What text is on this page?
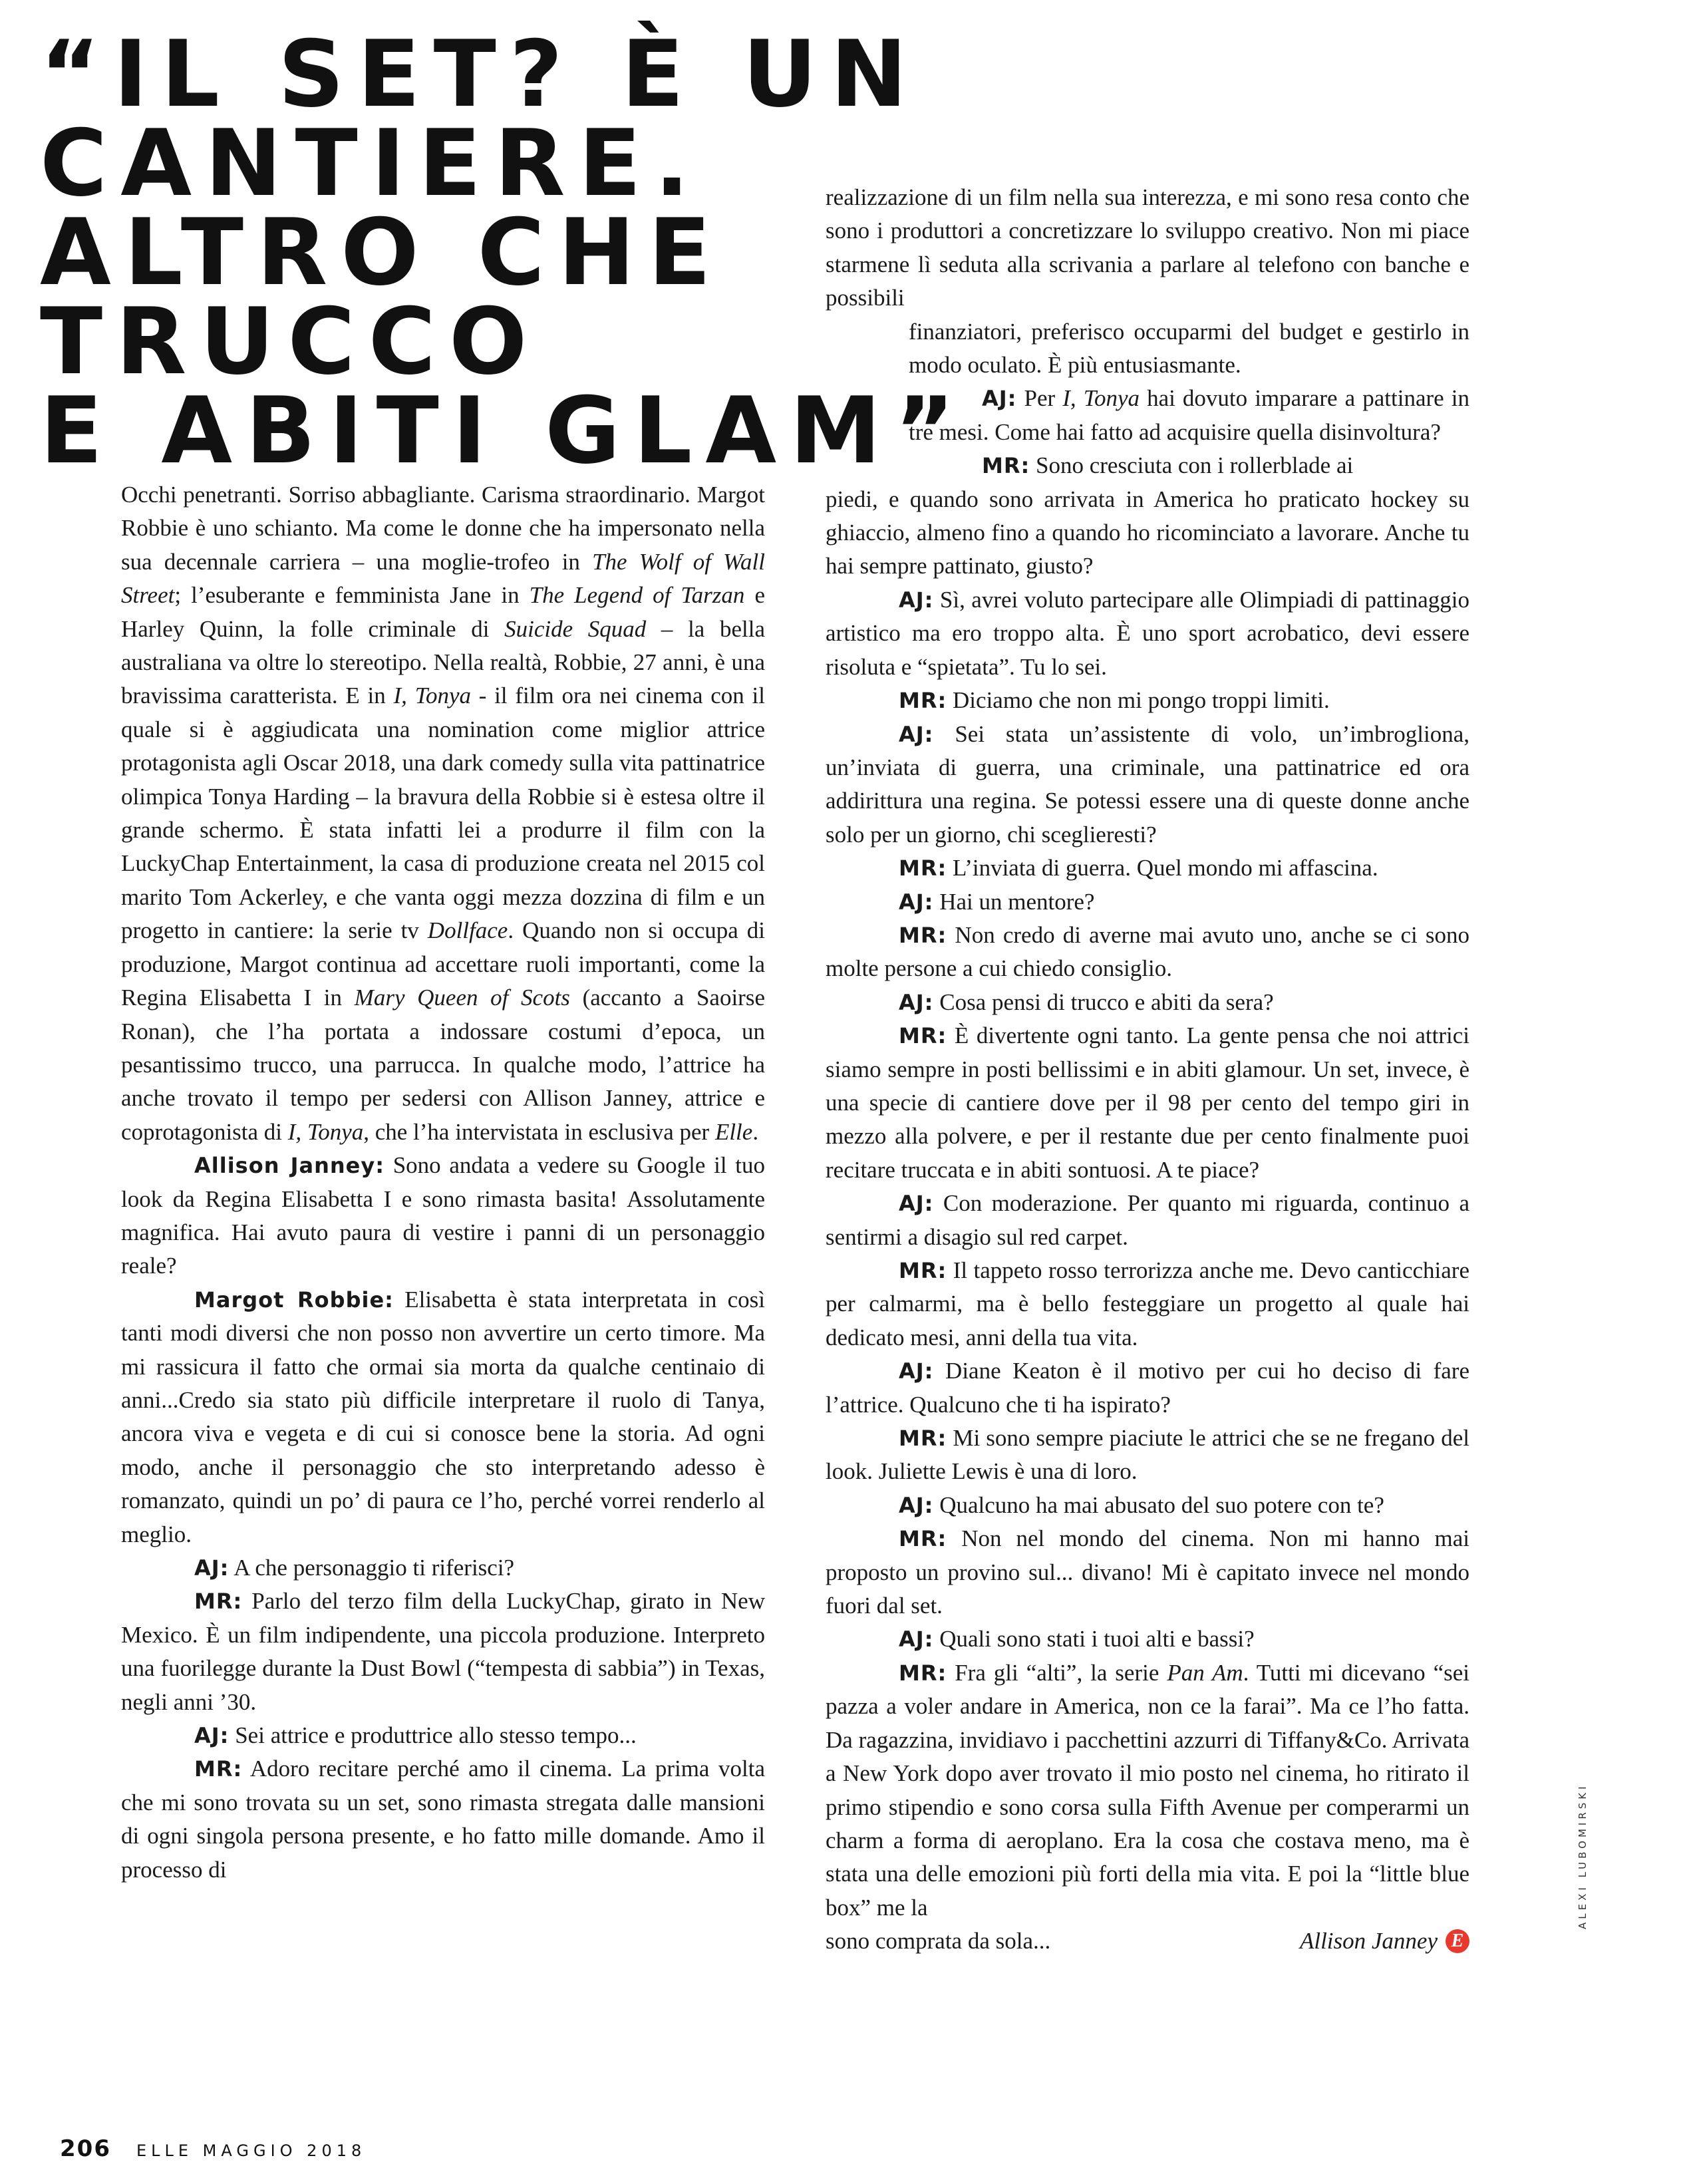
“IL SET? È UN
CANTIERE.
ALTRO CHE
TRUCCO
E ABITI GLAM”

Occhi penetranti. Sorriso abbagliante. Carisma straordinario. Margot Robbie è uno schianto. Ma come le donne che ha impersonato nella sua decennale carriera – una moglie-trofeo in The Wolf of Wall Street; l’esuberante e femminista Jane in The Legend of Tarzan e Harley Quinn, la folle criminale di Suicide Squad – la bella australiana va oltre lo stereotipo. Nella realtà, Robbie, 27 anni, è una bravissima caratterista. E in I, Tonya - il film ora nei cinema con il quale si è aggiudicata una nomination come miglior attrice protagonista agli Oscar 2018, una dark comedy sulla vita pattinatrice olimpica Tonya Harding – la bravura della Robbie si è estesa oltre il grande schermo. È stata infatti lei a produrre il film con la LuckyChap Entertainment, la casa di produzione creata nel 2015 col marito Tom Ackerley, e che vanta oggi mezza dozzina di film e un progetto in cantiere: la serie tv Dollface. Quando non si occupa di produzione, Margot continua ad accettare ruoli importanti, come la Regina Elisabetta I in Mary Queen of Scots (accanto a Saoirse Ronan), che l’ha portata a indossare costumi d’epoca, un pesantissimo trucco, una parrucca. In qualche modo, l’attrice ha anche trovato il tempo per sedersi con Allison Janney, attrice e coprotagonista di I, Tonya, che l’ha intervistata in esclusiva per Elle.

Allison Janney: Sono andata a vedere su Google il tuo look da Regina Elisabetta I e sono rimasta basita! Assolutamente magnifica. Hai avuto paura di vestire i panni di un personaggio reale?

Margot Robbie: Elisabetta è stata interpretata in così tanti modi diversi che non posso non avvertire un certo timore. Ma mi rassicura il fatto che ormai sia morta da qualche centinaio di anni...Credo sia stato più difficile interpretare il ruolo di Tanya, ancora viva e vegeta e di cui si conosce bene la storia. Ad ogni modo, anche il personaggio che sto interpretando adesso è romanzato, quindi un po’ di paura ce l’ho, perché vorrei renderlo al meglio.

AJ: A che personaggio ti riferisci?

MR: Parlo del terzo film della LuckyChap, girato in New Mexico. È un film indipendente, una piccola produzione. Interpreto una fuorilegge durante la Dust Bowl (“tempesta di sabbia”) in Texas, negli anni ’30.

AJ: Sei attrice e produttrice allo stesso tempo...

MR: Adoro recitare perché amo il cinema. La prima volta che mi sono trovata su un set, sono rimasta stregata dalle mansioni di ogni singola persona presente, e ho fatto mille domande. Amo il processo di

realizzazione di un film nella sua interezza, e mi sono resa conto che sono i produttori a concretizzare lo sviluppo creativo. Non mi piace starmene lì seduta alla scrivania a parlare al telefono con banche e possibili

finanziatori, preferisco occuparmi del budget e gestirlo in modo oculato. È più entusiasmante.

AJ: Per I, Tonya hai dovuto imparare a pattinare in tre mesi. Come hai fatto ad acquisire quella disinvoltura?

MR: Sono cresciuta con i rollerblade ai

piedi, e quando sono arrivata in America ho praticato hockey su ghiaccio, almeno fino a quando ho ricominciato a lavorare. Anche tu hai sempre pattinato, giusto?

AJ: Sì, avrei voluto partecipare alle Olimpiadi di pattinaggio artistico ma ero troppo alta. È uno sport acrobatico, devi essere risoluta e “spietata”. Tu lo sei.

MR: Diciamo che non mi pongo troppi limiti.

AJ: Sei stata un’assistente di volo, un’imbrogliona, un’inviata di guerra, una criminale, una pattinatrice ed ora addirittura una regina. Se potessi essere una di queste donne anche solo per un giorno, chi sceglieresti?

MR: L’inviata di guerra. Quel mondo mi affascina.

AJ: Hai un mentore?

MR: Non credo di averne mai avuto uno, anche se ci sono molte persone a cui chiedo consiglio.

AJ: Cosa pensi di trucco e abiti da sera?

MR: È divertente ogni tanto. La gente pensa che noi attrici siamo sempre in posti bellissimi e in abiti glamour. Un set, invece, è una specie di cantiere dove per il 98 per cento del tempo giri in mezzo alla polvere, e per il restante due per cento finalmente puoi recitare truccata e in abiti sontuosi. A te piace?

AJ: Con moderazione. Per quanto mi riguarda, continuo a sentirmi a disagio sul red carpet.

MR: Il tappeto rosso terrorizza anche me. Devo canticchiare per calmarmi, ma è bello festeggiare un progetto al quale hai dedicato mesi, anni della tua vita.

AJ: Diane Keaton è il motivo per cui ho deciso di fare l’attrice. Qualcuno che ti ha ispirato?

MR: Mi sono sempre piaciute le attrici che se ne fregano del look. Juliette Lewis è una di loro.

AJ: Qualcuno ha mai abusato del suo potere con te?

MR: Non nel mondo del cinema. Non mi hanno mai proposto un provino sul... divano! Mi è capitato invece nel mondo fuori dal set.

AJ: Quali sono stati i tuoi alti e bassi?

MR: Fra gli “alti”, la serie Pan Am. Tutti mi dicevano “sei pazza a voler andare in America, non ce la farai”. Ma ce l’ho fatta. Da ragazzina, invidiavo i pacchettini azzurri di Tiffany&Co. Arrivata a New York dopo aver trovato il mio posto nel cinema, ho ritirato il primo stipendio e sono corsa sulla Fifth Avenue per comperarmi un charm a forma di aeroplano. Era la cosa che costava meno, ma è stata una delle emozioni più forti della mia vita. E poi la “little blue box” me la

sono comprata da sola...	Allison Janney E
206 ELLE MAGGIO 2018
ALEXI LUBOMIRSKI
